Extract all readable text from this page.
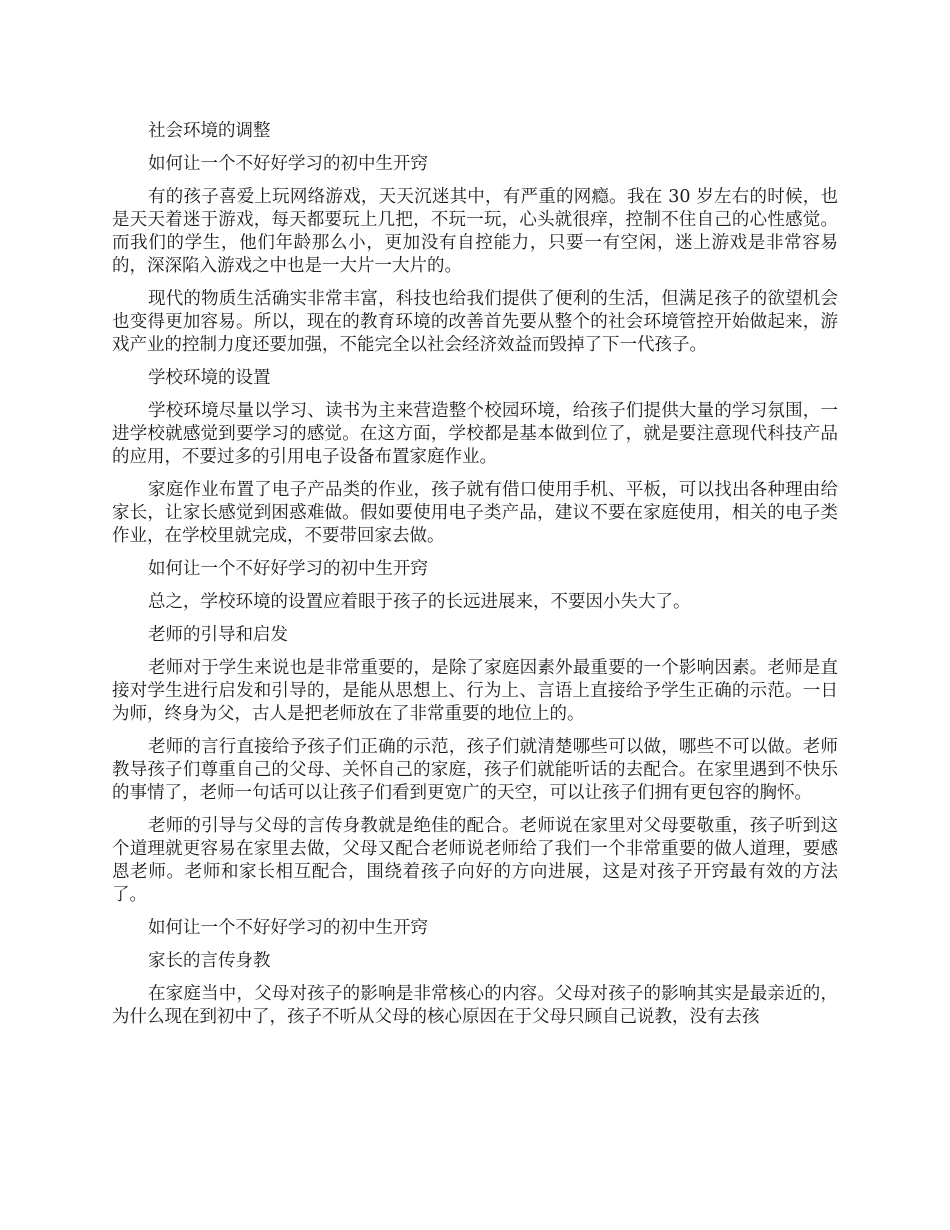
社会环境的调整

如何让一个不好好学习的初中生开窍

有的孩子喜爱上玩网络游戏，天天沉迷其中，有严重的网瘾。我在 30 岁左右的时候，也是天天着迷于游戏，每天都要玩上几把，不玩一玩，心头就很痒，控制不住自己的心性感觉。而我们的学生，他们年龄那么小，更加没有自控能力，只要一有空闲，迷上游戏是非常容易的，深深陷入游戏之中也是一大片一大片的。

现代的物质生活确实非常丰富，科技也给我们提供了便利的生活，但满足孩子的欲望机会也变得更加容易。所以，现在的教育环境的改善首先要从整个的社会环境管控开始做起来，游戏产业的控制力度还要加强，不能完全以社会经济效益而毁掉了下一代孩子。

学校环境的设置

学校环境尽量以学习、读书为主来营造整个校园环境，给孩子们提供大量的学习氛围，一进学校就感觉到要学习的感觉。在这方面，学校都是基本做到位了，就是要注意现代科技产品的应用，不要过多的引用电子设备布置家庭作业。

家庭作业布置了电子产品类的作业，孩子就有借口使用手机、平板，可以找出各种理由给家长，让家长感觉到困惑难做。假如要使用电子类产品，建议不要在家庭使用，相关的电子类作业，在学校里就完成，不要带回家去做。

如何让一个不好好学习的初中生开窍

总之，学校环境的设置应着眼于孩子的长远进展来，不要因小失大了。

老师的引导和启发

老师对于学生来说也是非常重要的，是除了家庭因素外最重要的一个影响因素。老师是直接对学生进行启发和引导的，是能从思想上、行为上、言语上直接给予学生正确的示范。一日为师，终身为父，古人是把老师放在了非常重要的地位上的。

老师的言行直接给予孩子们正确的示范，孩子们就清楚哪些可以做，哪些不可以做。老师教导孩子们尊重自己的父母、关怀自己的家庭，孩子们就能听话的去配合。在家里遇到不快乐的事情了，老师一句话可以让孩子们看到更宽广的天空，可以让孩子们拥有更包容的胸怀。

老师的引导与父母的言传身教就是绝佳的配合。老师说在家里对父母要敬重，孩子听到这个道理就更容易在家里去做，父母又配合老师说老师给了我们一个非常重要的做人道理，要感恩老师。老师和家长相互配合，围绕着孩子向好的方向进展，这是对孩子开窍最有效的方法了。

如何让一个不好好学习的初中生开窍

家长的言传身教

在家庭当中，父母对孩子的影响是非常核心的内容。父母对孩子的影响其实是最亲近的，为什么现在到初中了，孩子不听从父母的核心原因在于父母只顾自己说教，没有去孩
